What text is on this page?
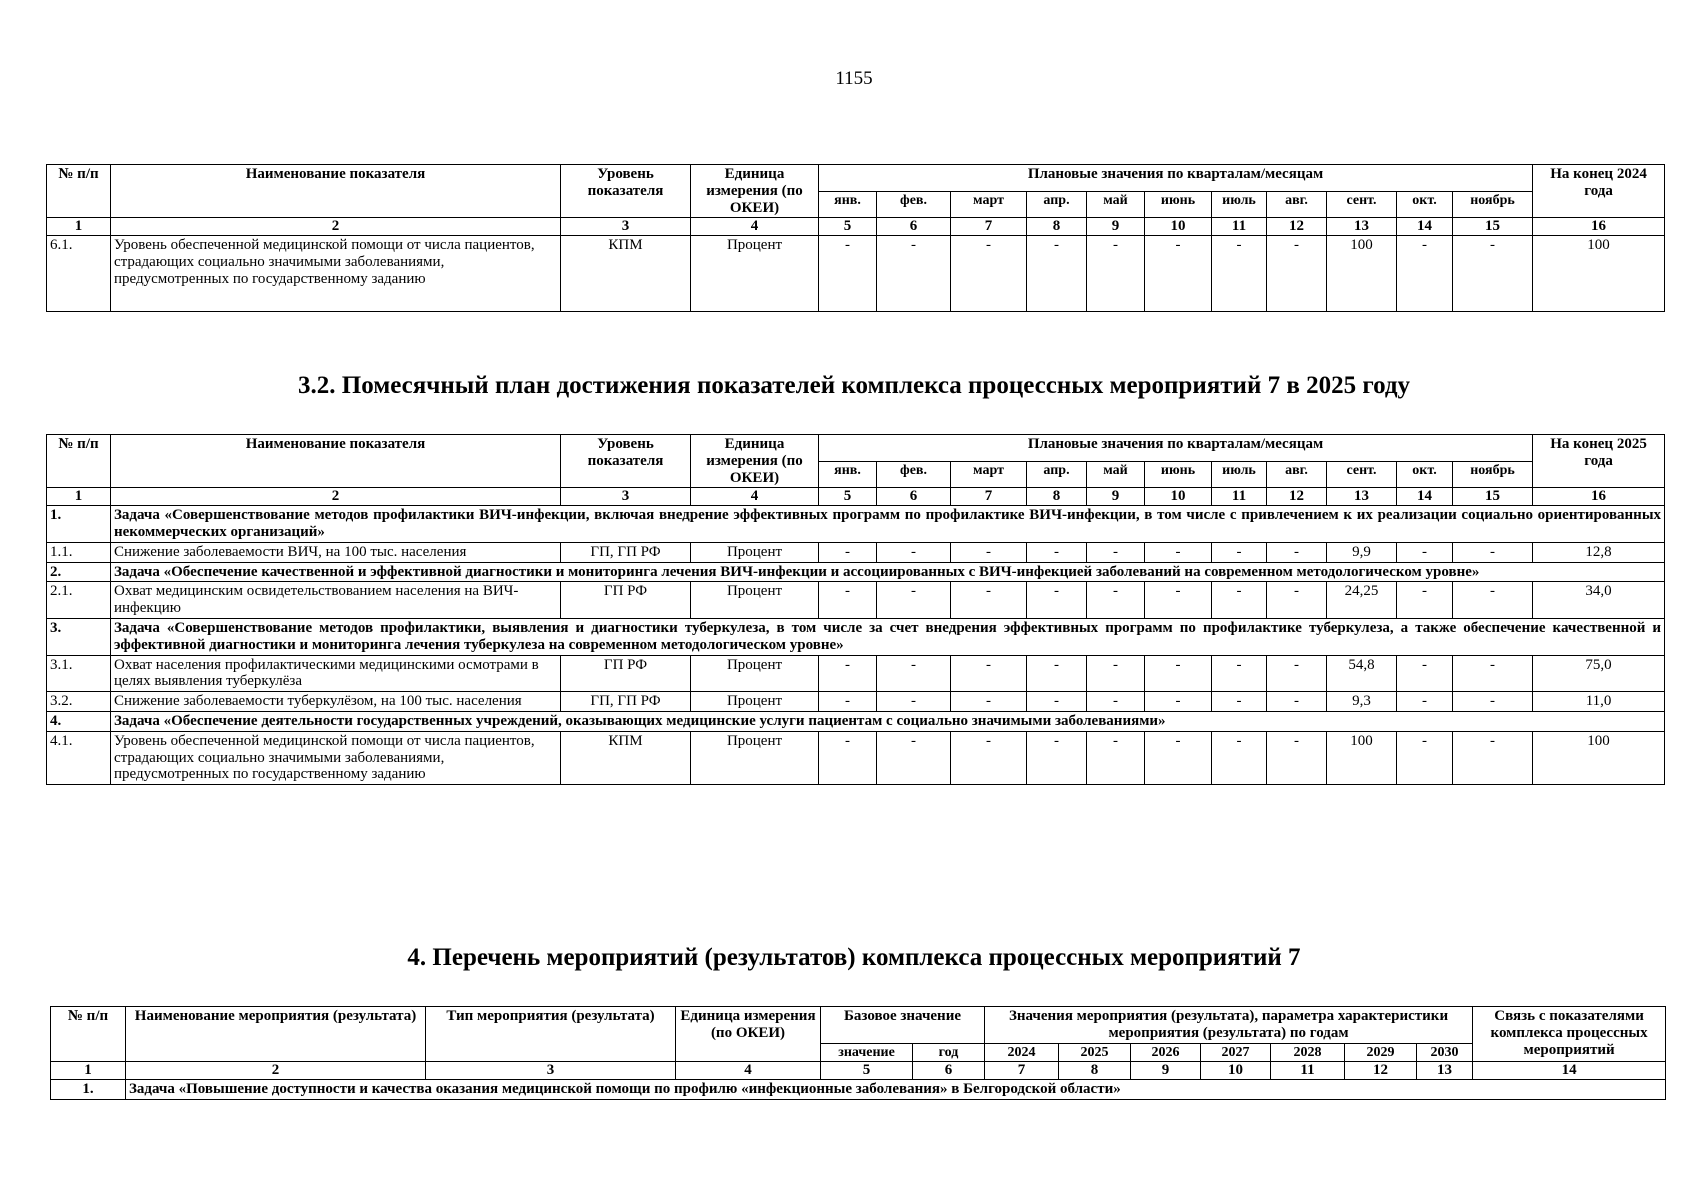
1155
№ п/п	Наименование показателя	Уровень показателя	Единица измерения (по ОКЕИ)	Плановые значения по кварталам/месяцам											На конец 2024 года
				янв.	фев.	март	апр.	май	июнь	июль	авг.	сент.	окт.	ноябрь	
1	2	3	4	5	6	7	8	9	10	11	12	13	14	15	16
6.1.	Уровень обеспеченной медицинской помощи от числа пациентов, страдающих социально значимыми заболеваниями, предусмотренных по государственному заданию	КПМ	Процент	-	-	-	-	-	-	-	-	100	-	-	100
3.2. Помесячный план достижения показателей комплекса процессных мероприятий 7 в 2025 году
№ п/п	Наименование показателя	Уровень показателя	Единица измерения (по ОКЕИ)	Плановые значения по кварталам/месяцам											На конец 2025 года
				янв.	фев.	март	апр.	май	июнь	июль	авг.	сент.	окт.	ноябрь	
1	2	3	4	5	6	7	8	9	10	11	12	13	14	15	16
1.	Задача «Совершенствование методов профилактики ВИЧ-инфекции, включая внедрение эффективных программ по профилактике ВИЧ-инфекции, в том числе с привлечением к их реализации социально ориентированных некоммерческих организаций»														
1.1.	Снижение заболеваемости ВИЧ, на 100 тыс. населения	ГП, ГП РФ	Процент	-	-	-	-	-	-	-	-	9,9	-	-	12,8
2.	Задача «Обеспечение качественной и эффективной диагностики и мониторинга лечения ВИЧ-инфекции и ассоциированных с ВИЧ-инфекцией заболеваний на современном методологическом уровне»														
2.1.	Охват медицинским освидетельствованием населения на ВИЧ-инфекцию	ГП РФ	Процент	-	-	-	-	-	-	-	-	24,25	-	-	34,0
3.	Задача «Совершенствование методов профилактики, выявления и диагностики туберкулеза, в том числе за счет внедрения эффективных программ по профилактике туберкулеза, а также обеспечение качественной и эффективной диагностики и мониторинга лечения туберкулеза на современном методологическом уровне»														
3.1.	Охват населения профилактическими медицинскими осмотрами в целях выявления туберкулёза	ГП РФ	Процент	-	-	-	-	-	-	-	-	54,8	-	-	75,0
3.2.	Снижение заболеваемости туберкулёзом, на 100 тыс. населения	ГП, ГП РФ	Процент	-	-	-	-	-	-	-	-	9,3	-	-	11,0
4.	Задача «Обеспечение деятельности государственных учреждений, оказывающих медицинские услуги пациентам с социально значимыми заболеваниями»														
4.1.	Уровень обеспеченной медицинской помощи от числа пациентов, страдающих социально значимыми заболеваниями, предусмотренных по государственному заданию	КПМ	Процент	-	-	-	-	-	-	-	-	100	-	-	100
4. Перечень мероприятий (результатов) комплекса процессных мероприятий 7
№ п/п	Наименование мероприятия (результата)	Тип мероприятия (результата)	Единица измерения (по ОКЕИ)	Базовое значение		Значения мероприятия (результата), параметра характеристики мероприятия (результата) по годам							Связь с показателями комплекса процессных мероприятий
				значение	год	2024	2025	2026	2027	2028	2029	2030	
1	2	3	4	5	6	7	8	9	10	11	12	13	14
1.	Задача «Повышение доступности и качества оказания медицинской помощи по профилю «инфекционные заболевания» в Белгородской области»												
